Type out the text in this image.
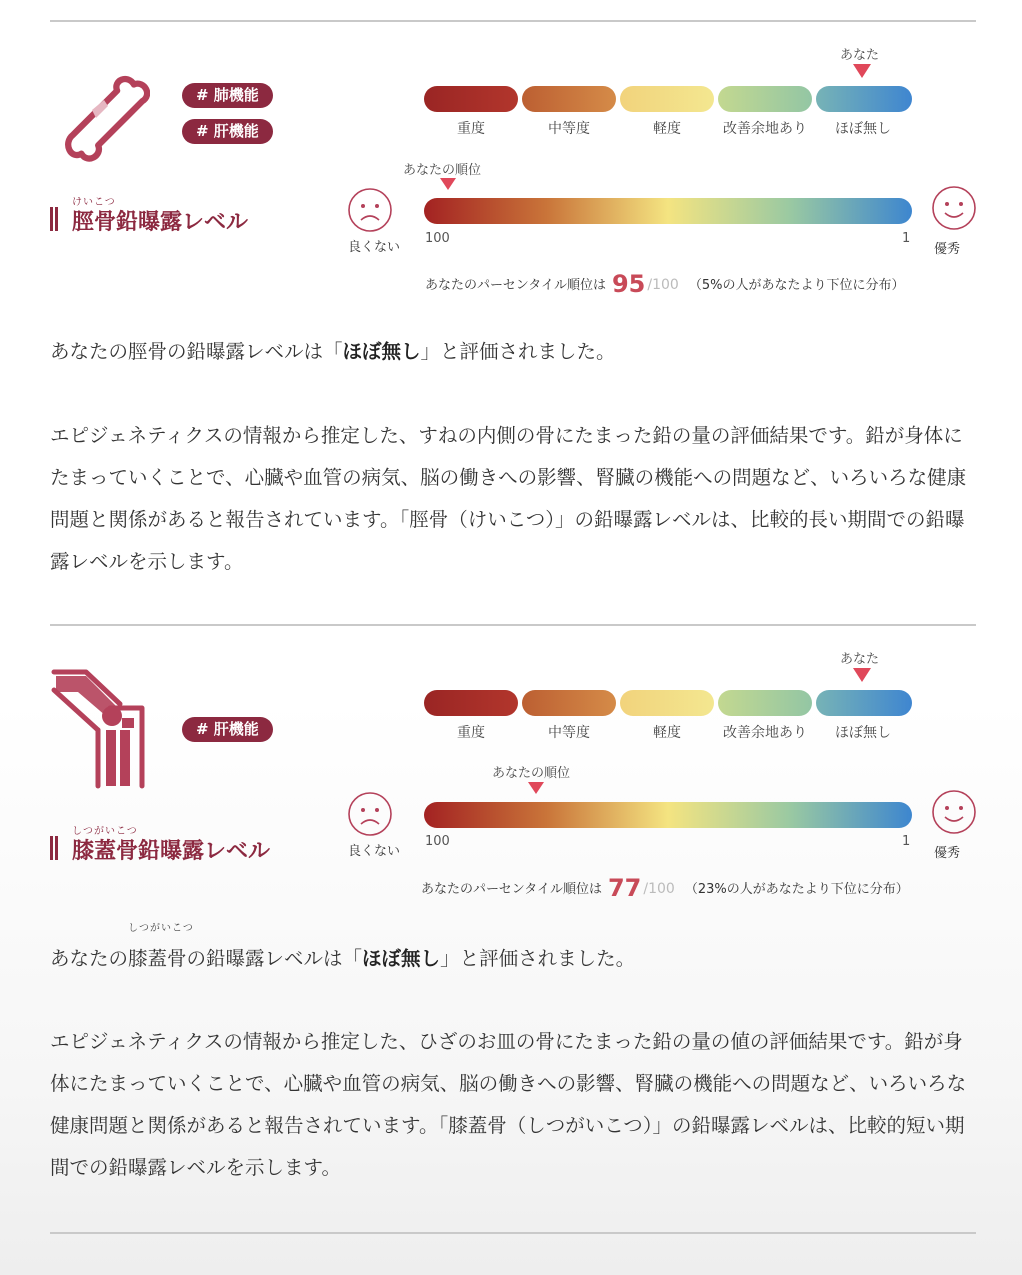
# 肺機能
# 肝機能
けいこつ
脛骨鉛曝露レベル
あなた
重度	中等度	軽度	改善余地あり	ほぼ無し
あなたの順位
100	1
良くない	優秀
あなたのパーセンタイル順位は 95 /100 （5%の人があなたより下位に分布）
あなたの脛骨の鉛曝露レベルは「ほぼ無し」と評価されました。
エピジェネティクスの情報から推定した、すねの内側の骨にたまった鉛の量の評価結果です。鉛が身体にたまっていくことで、心臓や血管の病気、脳の働きへの影響、腎臓の機能への問題など、いろいろな健康問題と関係があると報告されています。「脛骨（けいこつ）」の鉛曝露レベルは、比較的長い期間での鉛曝露レベルを示します。
# 肝機能
しつがいこつ
膝蓋骨鉛曝露レベル
あなた
重度	中等度	軽度	改善余地あり	ほぼ無し
あなたの順位
100	1
良くない	優秀
あなたのパーセンタイル順位は 77 /100 （23%の人があなたより下位に分布）
あなたの
しつがいこつ
膝蓋骨の鉛曝露レベルは「ほぼ無し」と評価されました。
エピジェネティクスの情報から推定した、ひざのお皿の骨にたまった鉛の量の値の評価結果です。鉛が身体にたまっていくことで、心臓や血管の病気、脳の働きへの影響、腎臓の機能への問題など、いろいろな健康問題と関係があると報告されています。「膝蓋骨（しつがいこつ）」の鉛曝露レベルは、比較的短い期間での鉛曝露レベルを示します。
